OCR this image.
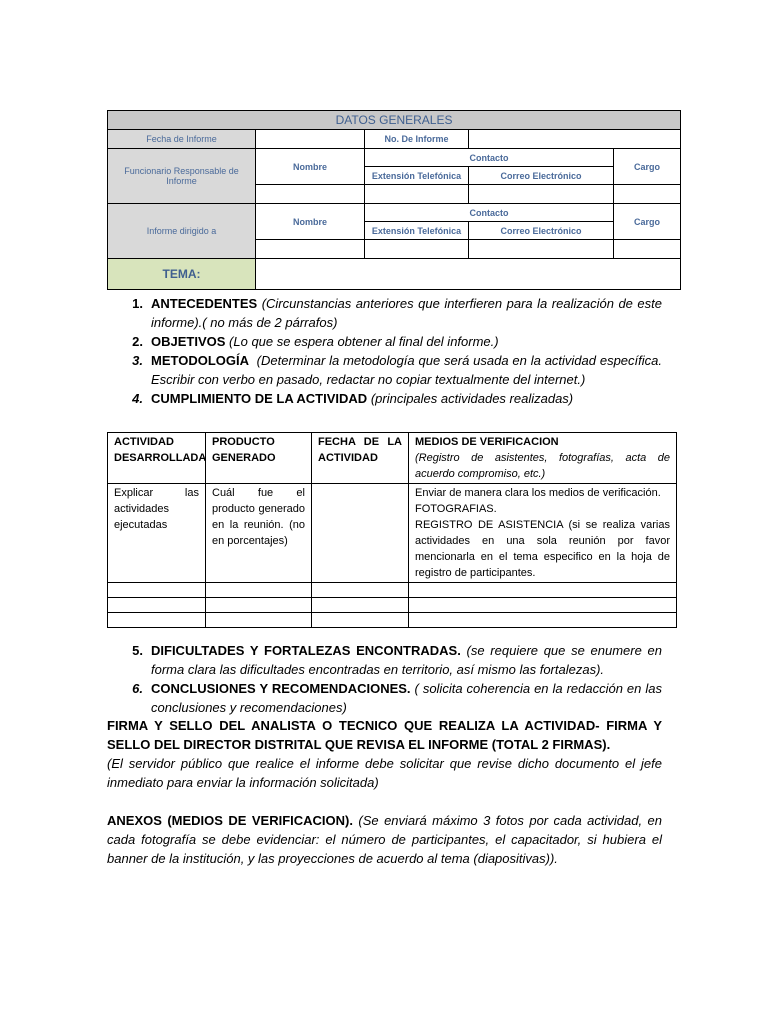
DATOS GENERALES				
Fecha de Informe		No. De Informe		
Funcionario Responsable de Informe	Nombre	Contacto		Cargo
		Extensión Telefónica	Correo Electrónico	

Informe dirigido a	Nombre	Contacto		Cargo
		Extensión Telefónica	Correo Electrónico	

TEMA:				
1. ANTECEDENTES (Circunstancias anteriores que interfieren para la realización de este informe).( no más de 2 párrafos)
2. OBJETIVOS (Lo que se espera obtener al final del informe.)
3. METODOLOGÍA (Determinar la metodología que será usada en la actividad específica. Escribir con verbo en pasado, redactar no copiar textualmente del internet.)
4. CUMPLIMIENTO DE LA ACTIVIDAD (principales actividades realizadas)
ACTIVIDAD DESARROLLADA	PRODUCTO GENERADO	FECHA DE LA ACTIVIDAD	MEDIOS DE VERIFICACION
(Registro de asistentes, fotografías, acta de acuerdo compromiso, etc.)

Explicar las actividades ejecutadas	Cuál fue el producto generado en la reunión. (no en porcentajes)		Enviar de manera clara los medios de verificación.
FOTOGRAFIAS.
REGISTRO DE ASISTENCIA (si se realiza varias actividades en una sola reunión por favor mencionarla en el tema especifico en la hoja de registro de participantes.

5. DIFICULTADES Y FORTALEZAS ENCONTRADAS. (se requiere que se enumere en forma clara las dificultades encontradas en territorio, así mismo las fortalezas).
6. CONCLUSIONES Y RECOMENDACIONES. ( solicita coherencia en la redacción en las conclusiones y recomendaciones)
FIRMA Y SELLO DEL ANALISTA O TECNICO QUE REALIZA LA ACTIVIDAD- FIRMA Y SELLO DEL DIRECTOR DISTRITAL QUE REVISA EL INFORME (TOTAL 2 FIRMAS).
(El servidor público que realice el informe debe solicitar que revise dicho documento el jefe inmediato para enviar la información solicitada)
ANEXOS (MEDIOS DE VERIFICACION). (Se enviará máximo 3 fotos por cada actividad, en cada fotografía se debe evidenciar: el número de participantes, el capacitador, si hubiera el banner de la institución, y las proyecciones de acuerdo al tema (diapositivas)).
